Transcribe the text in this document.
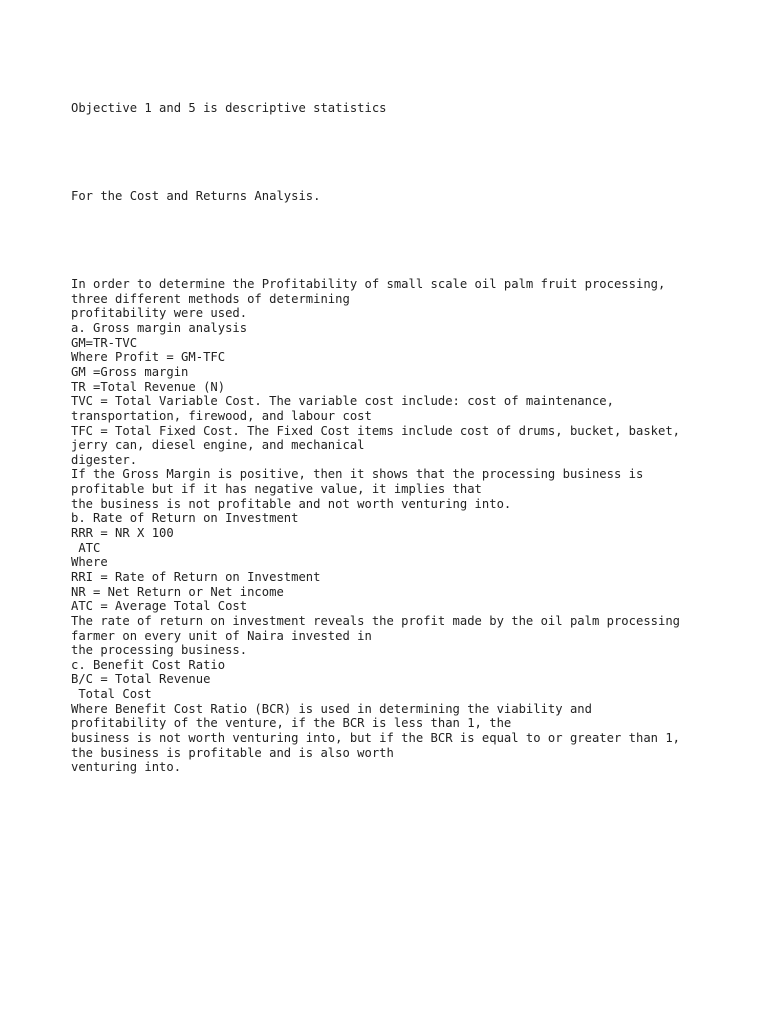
Objective 1 and 5 is descriptive statistics

For the Cost and Returns Analysis.

In order to determine the Profitability of small scale oil palm fruit processing,
three different methods of determining
profitability were used.
a. Gross margin analysis
GM=TR-TVC
Where Profit = GM-TFC
GM =Gross margin
TR =Total Revenue (N)
TVC = Total Variable Cost. The variable cost include: cost of maintenance,
transportation, firewood, and labour cost
TFC = Total Fixed Cost. The Fixed Cost items include cost of drums, bucket, basket,
jerry can, diesel engine, and mechanical
digester.
If the Gross Margin is positive, then it shows that the processing business is
profitable but if it has negative value, it implies that
the business is not profitable and not worth venturing into.
b. Rate of Return on Investment
RRR = NR X 100
ATC
Where
RRI = Rate of Return on Investment
NR = Net Return or Net income
ATC = Average Total Cost
The rate of return on investment reveals the profit made by the oil palm processing
farmer on every unit of Naira invested in
the processing business.
c. Benefit Cost Ratio
B/C = Total Revenue
Total Cost
Where Benefit Cost Ratio (BCR) is used in determining the viability and
profitability of the venture, if the BCR is less than 1, the
business is not worth venturing into, but if the BCR is equal to or greater than 1,
the business is profitable and is also worth
venturing into.
